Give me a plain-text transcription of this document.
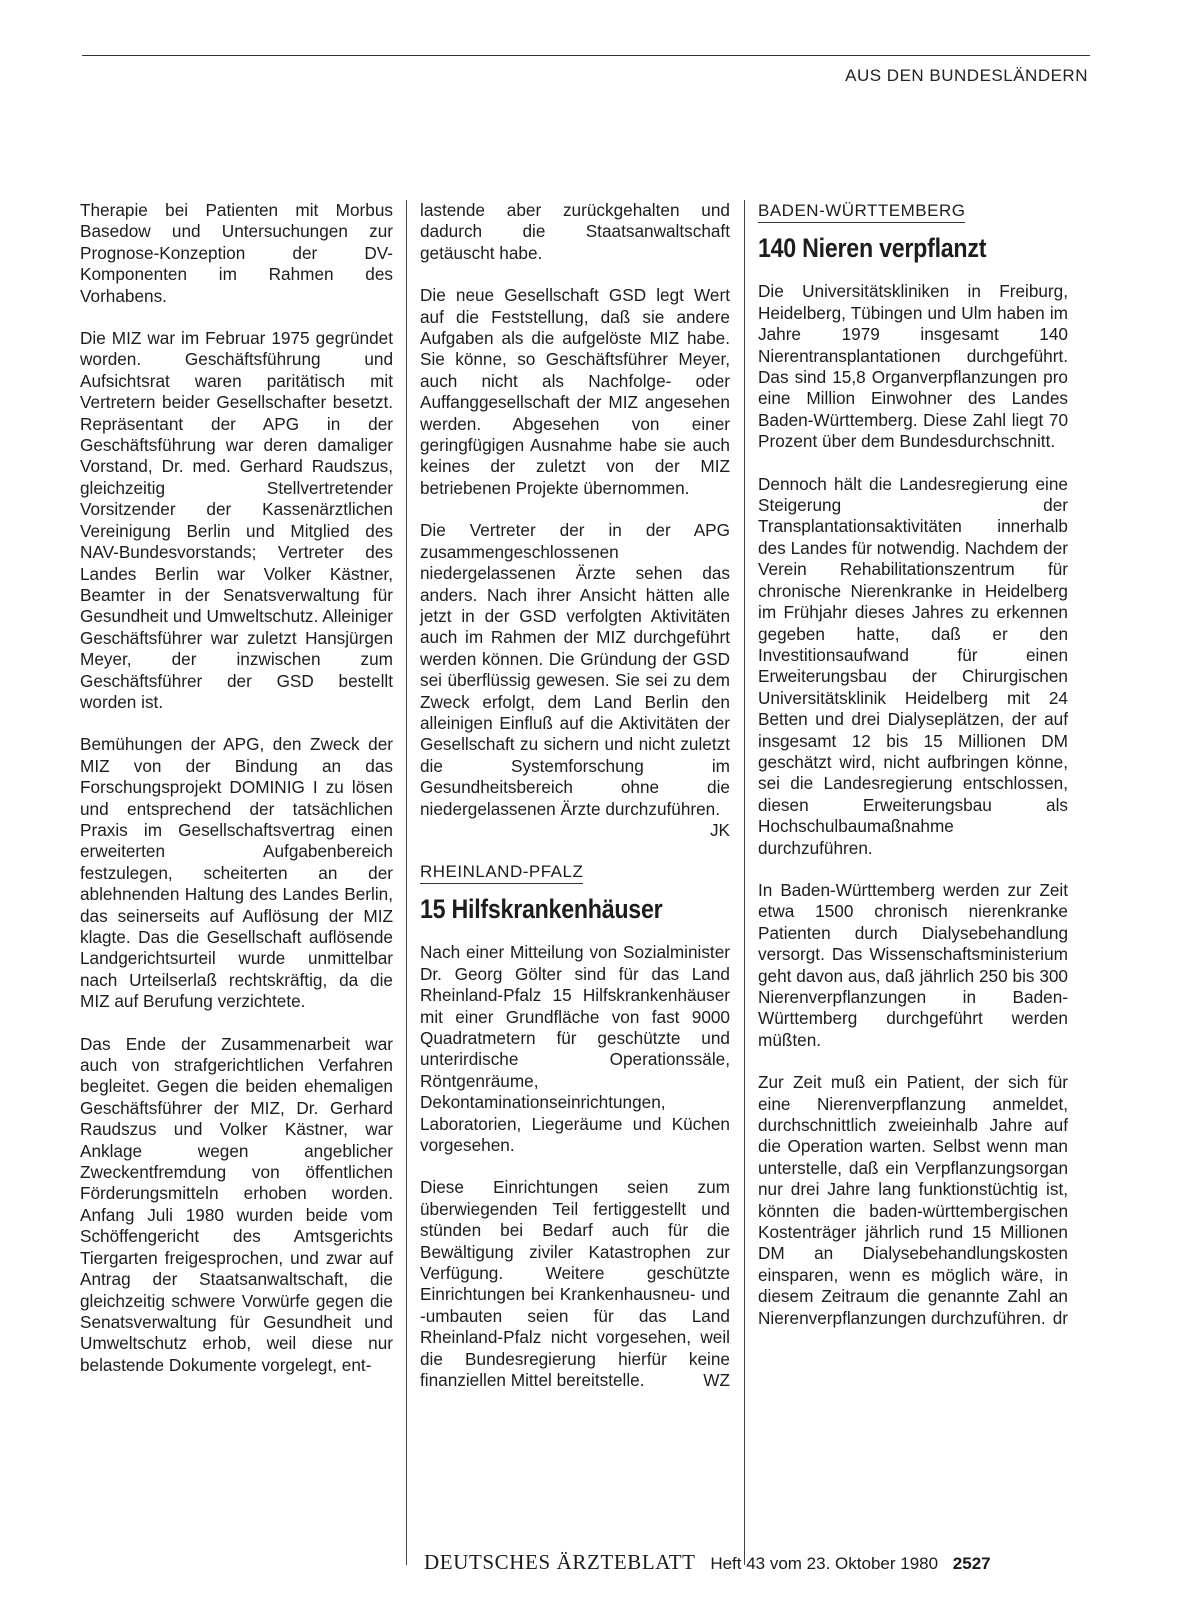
AUS DEN BUNDESLÄNDERN

Therapie bei Patienten mit Morbus Basedow und Untersuchungen zur Prognose-Konzeption der DV-Komponenten im Rahmen des Vorhabens.

Die MIZ war im Februar 1975 gegründet worden. Geschäftsführung und Aufsichtsrat waren paritätisch mit Vertretern beider Gesellschafter besetzt. Repräsentant der APG in der Geschäftsführung war deren damaliger Vorstand, Dr. med. Gerhard Raudszus, gleichzeitig Stellvertretender Vorsitzender der Kassenärztlichen Vereinigung Berlin und Mitglied des NAV-Bundesvorstands; Vertreter des Landes Berlin war Volker Kästner, Beamter in der Senatsverwaltung für Gesundheit und Umweltschutz. Alleiniger Geschäftsführer war zuletzt Hansjürgen Meyer, der inzwischen zum Geschäftsführer der GSD bestellt worden ist.

Bemühungen der APG, den Zweck der MIZ von der Bindung an das Forschungsprojekt DOMINIG I zu lösen und entsprechend der tatsächlichen Praxis im Gesellschaftsvertrag einen erweiterten Aufgabenbereich festzulegen, scheiterten an der ablehnenden Haltung des Landes Berlin, das seinerseits auf Auflösung der MIZ klagte. Das die Gesellschaft auflösende Landgerichtsurteil wurde unmittelbar nach Urteilserlaß rechtskräftig, da die MIZ auf Berufung verzichtete.

Das Ende der Zusammenarbeit war auch von strafgerichtlichen Verfahren begleitet. Gegen die beiden ehemaligen Geschäftsführer der MIZ, Dr. Gerhard Raudszus und Volker Kästner, war Anklage wegen angeblicher Zweckentfremdung von öffentlichen Förderungsmitteln erhoben worden. Anfang Juli 1980 wurden beide vom Schöffengericht des Amtsgerichts Tiergarten freigesprochen, und zwar auf Antrag der Staatsanwaltschaft, die gleichzeitig schwere Vorwürfe gegen die Senatsverwaltung für Gesundheit und Umweltschutz erhob, weil diese nur belastende Dokumente vorgelegt, ent-

lastende aber zurückgehalten und dadurch die Staatsanwaltschaft getäuscht habe.

Die neue Gesellschaft GSD legt Wert auf die Feststellung, daß sie andere Aufgaben als die aufgelöste MIZ habe. Sie könne, so Geschäftsführer Meyer, auch nicht als Nachfolge- oder Auffanggesellschaft der MIZ angesehen werden. Abgesehen von einer geringfügigen Ausnahme habe sie auch keines der zuletzt von der MIZ betriebenen Projekte übernommen.

Die Vertreter der in der APG zusammengeschlossenen niedergelassenen Ärzte sehen das anders. Nach ihrer Ansicht hätten alle jetzt in der GSD verfolgten Aktivitäten auch im Rahmen der MIZ durchgeführt werden können. Die Gründung der GSD sei überflüssig gewesen. Sie sei zu dem Zweck erfolgt, dem Land Berlin den alleinigen Einfluß auf die Aktivitäten der Gesellschaft zu sichern und nicht zuletzt die Systemforschung im Gesundheitsbereich ohne die niedergelassenen Ärzte durchzuführen.
JK

RHEINLAND-PFALZ
15 Hilfskrankenhäuser

Nach einer Mitteilung von Sozialminister Dr. Georg Gölter sind für das Land Rheinland-Pfalz 15 Hilfskrankenhäuser mit einer Grundfläche von fast 9000 Quadratmetern für geschützte und unterirdische Operationssäle, Röntgenräume, Dekontaminationseinrichtungen, Laboratorien, Liegeräume und Küchen vorgesehen.

Diese Einrichtungen seien zum überwiegenden Teil fertiggestellt und stünden bei Bedarf auch für die Bewältigung ziviler Katastrophen zur Verfügung. Weitere geschützte Einrichtungen bei Krankenhausneu- und -umbauten seien für das Land Rheinland-Pfalz nicht vorgesehen, weil die Bundesregierung hierfür keine finanziellen Mittel bereitstelle.	WZ

BADEN-WÜRTTEMBERG
140 Nieren verpflanzt

Die Universitätskliniken in Freiburg, Heidelberg, Tübingen und Ulm haben im Jahre 1979 insgesamt 140 Nierentransplantationen durchgeführt. Das sind 15,8 Organverpflanzungen pro eine Million Einwohner des Landes Baden-Württemberg. Diese Zahl liegt 70 Prozent über dem Bundesdurchschnitt.

Dennoch hält die Landesregierung eine Steigerung der Transplantationsaktivitäten innerhalb des Landes für notwendig. Nachdem der Verein Rehabilitationszentrum für chronische Nierenkranke in Heidelberg im Frühjahr dieses Jahres zu erkennen gegeben hatte, daß er den Investitionsaufwand für einen Erweiterungsbau der Chirurgischen Universitätsklinik Heidelberg mit 24 Betten und drei Dialyseplätzen, der auf insgesamt 12 bis 15 Millionen DM geschätzt wird, nicht aufbringen könne, sei die Landesregierung entschlossen, diesen Erweiterungsbau als Hochschulbaumaßnahme durchzuführen.

In Baden-Württemberg werden zur Zeit etwa 1500 chronisch nierenkranke Patienten durch Dialysebehandlung versorgt. Das Wissenschaftsministerium geht davon aus, daß jährlich 250 bis 300 Nierenverpflanzungen in Baden-Württemberg durchgeführt werden müßten.

Zur Zeit muß ein Patient, der sich für eine Nierenverpflanzung anmeldet, durchschnittlich zweieinhalb Jahre auf die Operation warten. Selbst wenn man unterstelle, daß ein Verpflanzungsorgan nur drei Jahre lang funktionstüchtig ist, könnten die baden-württembergischen Kostenträger jährlich rund 15 Millionen DM an Dialysebehandlungskosten einsparen, wenn es möglich wäre, in diesem Zeitraum die genannte Zahl an Nierenverpflanzungen durchzuführen. dr

DEUTSCHES ÄRZTEBLATT Heft 43 vom 23. Oktober 1980 2527
